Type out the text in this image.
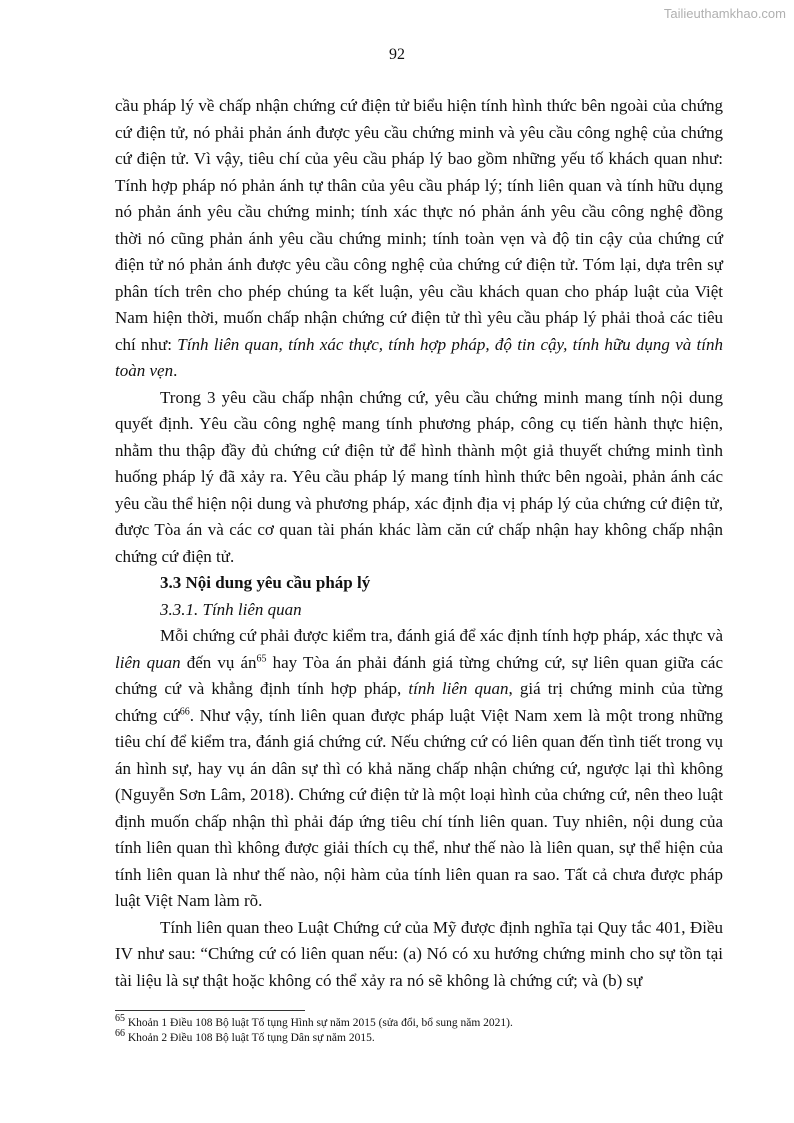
Tailieuthamkhao.com
92

cầu pháp lý về chấp nhận chứng cứ điện tử biểu hiện tính hình thức bên ngoài của chứng cứ điện tử, nó phải phản ánh được yêu cầu chứng minh và yêu cầu công nghệ của chứng cứ điện tử. Vì vậy, tiêu chí của yêu cầu pháp lý bao gồm những yếu tố khách quan như: Tính hợp pháp nó phản ánh tự thân của yêu cầu pháp lý; tính liên quan và tính hữu dụng nó phản ánh yêu cầu chứng minh; tính xác thực nó phản ánh yêu cầu công nghệ đồng thời nó cũng phản ánh yêu cầu chứng minh; tính toàn vẹn và độ tin cậy của chứng cứ điện tử nó phản ánh được yêu cầu công nghệ của chứng cứ điện tử. Tóm lại, dựa trên sự phân tích trên cho phép chúng ta kết luận, yêu cầu khách quan cho pháp luật của Việt Nam hiện thời, muốn chấp nhận chứng cứ điện tử thì yêu cầu pháp lý phải thoả các tiêu chí như: Tính liên quan, tính xác thực, tính hợp pháp, độ tin cậy, tính hữu dụng và tính toàn vẹn.

Trong 3 yêu cầu chấp nhận chứng cứ, yêu cầu chứng minh mang tính nội dung quyết định. Yêu cầu công nghệ mang tính phương pháp, công cụ tiến hành thực hiện, nhằm thu thập đầy đủ chứng cứ điện tử để hình thành một giả thuyết chứng minh tình huống pháp lý đã xảy ra. Yêu cầu pháp lý mang tính hình thức bên ngoài, phản ánh các yêu cầu thể hiện nội dung và phương pháp, xác định địa vị pháp lý của chứng cứ điện tử, được Tòa án và các cơ quan tài phán khác làm căn cứ chấp nhận hay không chấp nhận chứng cứ điện tử.

3.3 Nội dung yêu cầu pháp lý

3.3.1. Tính liên quan

Mỗi chứng cứ phải được kiểm tra, đánh giá để xác định tính hợp pháp, xác thực và liên quan đến vụ $án^{65}$ hay Tòa án phải đánh giá từng chứng cứ, sự liên quan giữa các chứng cứ và khẳng định tính hợp pháp, tính liên quan, giá trị chứng minh của từng chứng cứ$^{66}$. Như vậy, tính liên quan được pháp luật Việt Nam xem là một trong những tiêu chí để kiểm tra, đánh giá chứng cứ. Nếu chứng cứ có liên quan đến tình tiết trong vụ án hình sự, hay vụ án dân sự thì có khả năng chấp nhận chứng cứ, ngược lại thì không (Nguyễn Sơn Lâm, 2018). Chứng cứ điện tử là một loại hình của chứng cứ, nên theo luật định muốn chấp nhận thì phải đáp ứng tiêu chí tính liên quan. Tuy nhiên, nội dung của tính liên quan thì không được giải thích cụ thể, như thế nào là liên quan, sự thể hiện của tính liên quan là như thế nào, nội hàm của tính liên quan ra sao. Tất cả chưa được pháp luật Việt Nam làm rõ.

Tính liên quan theo Luật Chứng cứ của Mỹ được định nghĩa tại Quy tắc 401, Điều IV như sau: “Chứng cứ có liên quan nếu: (a) Nó có xu hướng chứng minh cho sự tồn tại tài liệu là sự thật hoặc không có thể xảy ra nó sẽ không là chứng cứ; và (b) sự

$^{65}$ Khoản 1 Điều 108 Bộ luật Tố tụng Hình sự năm 2015 (sửa đổi, bổ sung năm 2021).

$^{66}$ Khoản 2 Điều 108 Bộ luật Tố tụng Dân sự năm 2015.
